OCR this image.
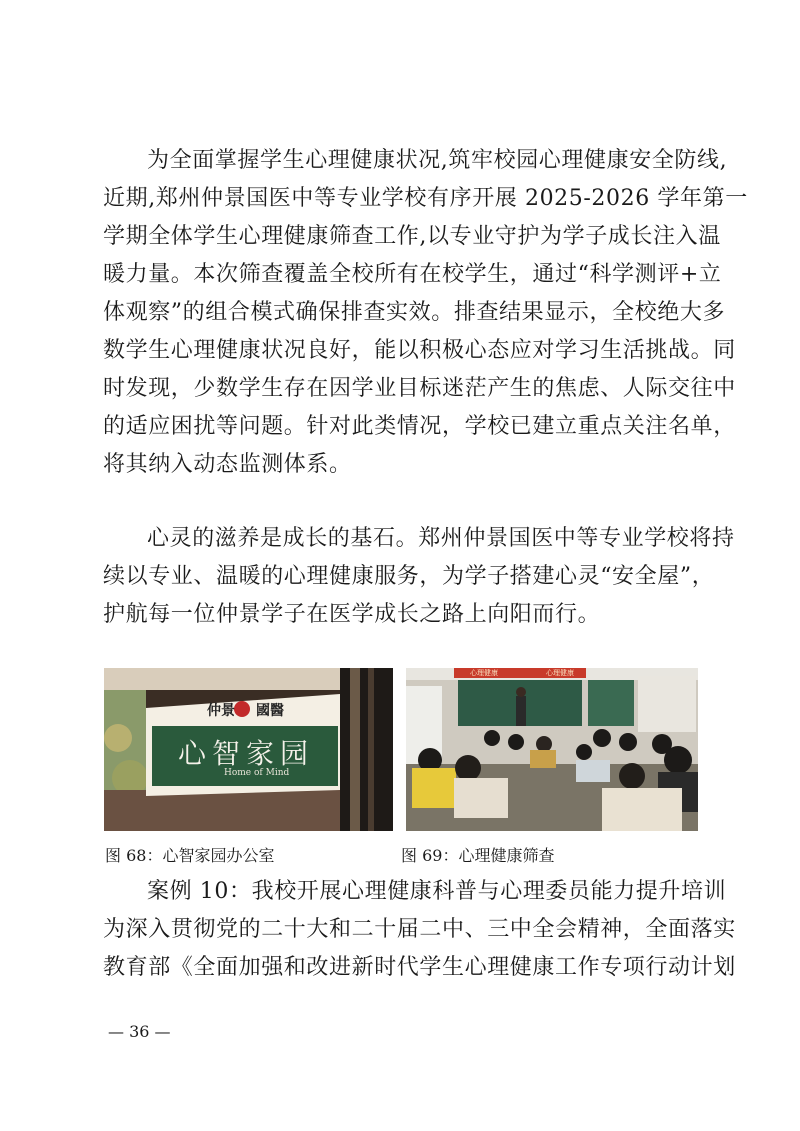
为全面掌握学生心理健康状况,筑牢校园心理健康安全防线,
近期,郑州仲景国医中等专业学校有序开展 2025-2026 学年第一
学期全体学生心理健康筛查工作,以专业守护为学子成长注入温
暖力量。本次筛查覆盖全校所有在校学生，通过“科学测评+立
体观察”的组合模式确保排查实效。排查结果显示，全校绝大多
数学生心理健康状况良好，能以积极心态应对学习生活挑战。同
时发现，少数学生存在因学业目标迷茫产生的焦虑、人际交往中
的适应困扰等问题。针对此类情况，学校已建立重点关注名单，
将其纳入动态监测体系。
心灵的滋养是成长的基石。郑州仲景国医中等专业学校将持
续以专业、温暖的心理健康服务，为学子搭建心灵“安全屋”，
护航每一位仲景学子在医学成长之路上向阳而行。
仲景 國醫
心智家园
Home of Mind
心理健康	心理健康
图 68：心智家园办公室	图 69：心理健康筛查
案例 10：我校开展心理健康科普与心理委员能力提升培训
为深入贯彻党的二十大和二十届二中、三中全会精神，全面落实
教育部《全面加强和改进新时代学生心理健康工作专项行动计划
— 36 —
